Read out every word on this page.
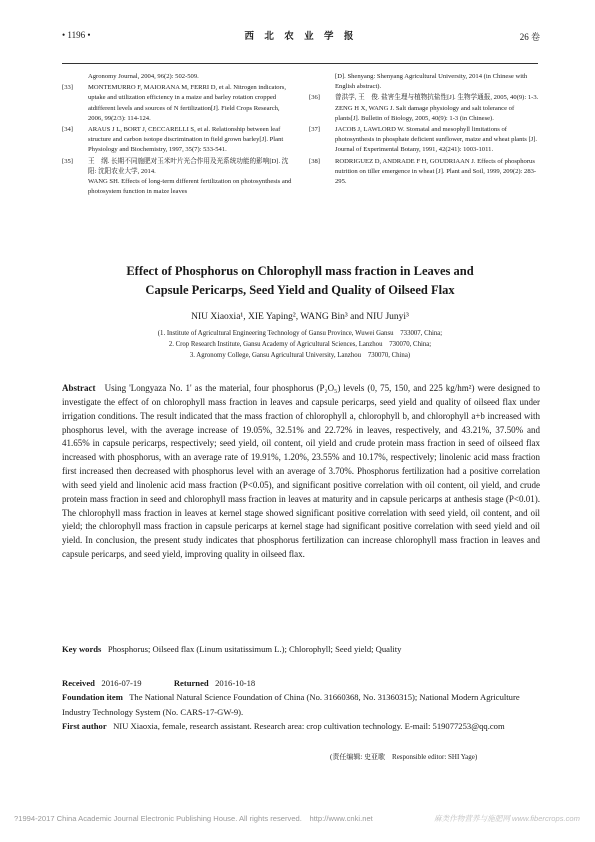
• 1196 •	西 北 农 业 学 报	26 卷
Agronomy Journal, 2004, 96(2): 502-509.
[33] MONTEMURRO F, MAIORANA M, FERRI D, et al. Nitrogen indicators, uptake and utilization efficiency in a maize and barley rotation cropped atdifferent levels and sources of N fertilization[J]. Field Crops Research, 2006, 99(2/3): 114-124.
[34] ARAUS J L, BORT J, CECCARELLI S, et al. Relationship between leaf structure and carbon isotope discrimination in field grown barley[J]. Plant Physiology and Biochemistry, 1997, 35(7): 533-541.
[35] 王　纲. 长期不同施肥对玉米叶片光合作用及光系统功能的影响[D]. 沈阳: 沈阳农业大学, 2014.
WANG SH. Effects of long-term different fertilization on photosynthesis and photosystem function in maize leaves
[D]. Shenyang: Shenyang Agricultural University, 2014 (in Chinese with English abstract).
[36] 曾洪学, 王　俊. 盐害生理与植物抗盐性[J]. 生物学通报, 2005, 40(9): 1-3.
ZENG H X, WANG J. Salt damage physiology and salt tolerance of plants[J]. Bulletin of Biology, 2005, 40(9): 1-3 (in Chinese).
[37] JACOB J, LAWLORD W. Stomatal and mesophyll limitations of photosynthesis in phosphate deficient sunflower, maize and wheat plants [J]. Journal of Experimental Botany, 1991, 42(241): 1003-1011.
[38] RODRIGUEZ D, ANDRADE F H, GOUDRIAAN J. Effects of phosphorus nutrition on tiller emergence in wheat [J]. Plant and Soil, 1999, 209(2): 283-295.
Effect of Phosphorus on Chlorophyll mass fraction in Leaves and
Capsule Pericarps, Seed Yield and Quality of Oilseed Flax
NIU Xiaoxia¹, XIE Yaping², WANG Bin³ and NIU Junyi³
(1. Institute of Agricultural Engineering Technology of Gansu Province, Wuwei Gansu　733007, China;
2. Crop Research Institute, Gansu Academy of Agricultural Sciences, Lanzhou　730070, China;
3. Agronomy College, Gansu Agricultural University, Lanzhou　730070, China)
Abstract Using 'Longyaza No. 1' as the material, four phosphorus (P₂O₅) levels (0, 75, 150, and 225 kg/hm²) were designed to investigate the effect of on chlorophyll mass fraction in leaves and capsule pericarps, seed yield and quality of oilseed flax under irrigation conditions. The result indicated that the mass fraction of chlorophyll a, chlorophyll b, and chlorophyll a+b increased with phosphorus level, with the average increase of 19.05%, 32.51% and 22.72% in leaves, respectively, and 43.21%, 37.50% and 41.65% in capsule pericarps, respectively; seed yield, oil content, oil yield and crude protein mass fraction in seed of oilseed flax increased with phosphorus, with an average rate of 19.91%, 1.20%, 23.55% and 10.17%, respectively; linolenic acid mass fraction first increased then decreased with phosphorus level with an average of 3.70%. Phosphorus fertilization had a positive correlation with seed yield and linolenic acid mass fraction (P<0.05), and significant positive correlation with oil content, oil yield, and crude protein mass fraction in seed and chlorophyll mass fraction in leaves at maturity and in capsule pericarps at anthesis stage (P<0.01). The chlorophyll mass fraction in leaves at kernel stage showed significant positive correlation with seed yield, oil content, and oil yield; the chlorophyll mass fraction in capsule pericarps at kernel stage had significant positive correlation with seed yield and oil yield. In conclusion, the present study indicates that phosphorus fertilization can increase chlorophyll mass fraction in leaves and capsule pericarps, and seed yield, improving quality in oilseed flax.
Key words Phosphorus; Oilseed flax (Linum usitatissimum L.); Chlorophyll; Seed yield; Quality
Received 2016-07-19	Returned 2016-10-18
Foundation item The National Natural Science Foundation of China (No. 31660368, No. 31360315); National Modern Agriculture Industry Technology System (No. CARS-17-GW-9).
First author NIU Xiaoxia, female, research assistant. Research area: crop cultivation technology. E-mail: 519077253@qq.com
(责任编辑: 史亚歌　Responsible editor: SHI Yage)
?1994-2017 China Academic Journal Electronic Publishing House. All rights reserved.　http://www.cnki.net	麻类作物营养与施肥网 www.fibercrops.com
